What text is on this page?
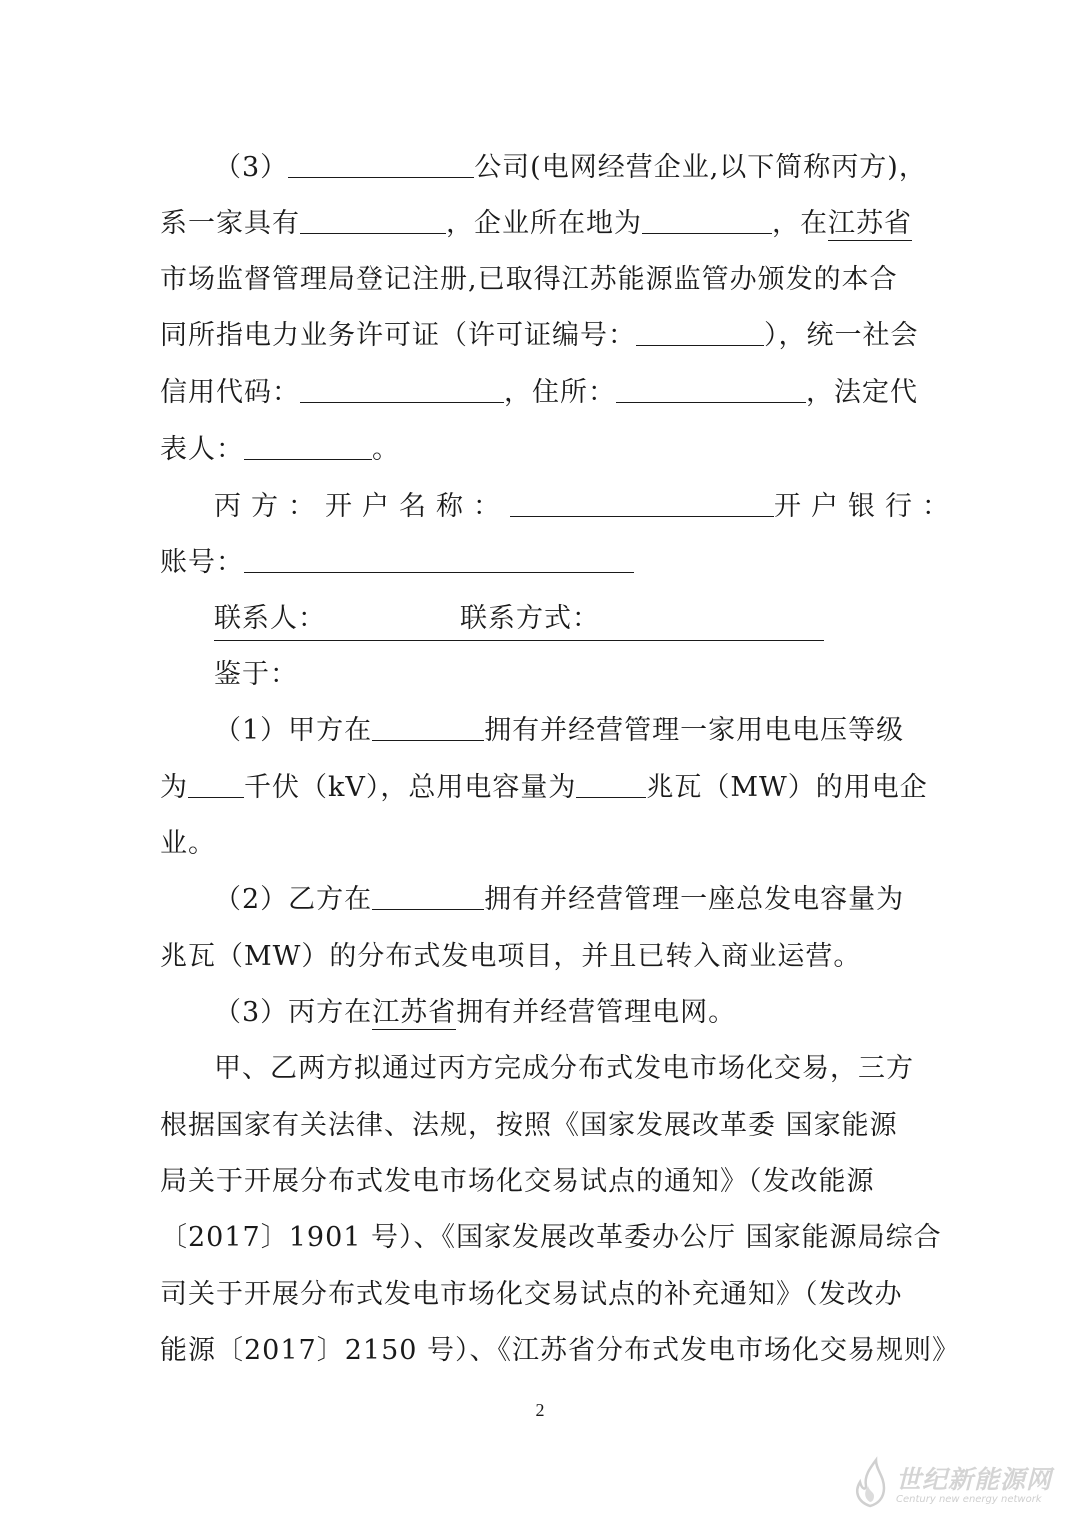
（3）	公司(电网经营企业,以下简称丙方)，
系一家具有	，企业所在地为	，在江苏省
市场监督管理局登记注册,已取得江苏能源监管办颁发的本合
同所指电力业务许可证（许可证编号：	），统一社会
信用代码：	，住所：	，法定代
表人：	。
丙方：开户名称：	开户银行：
账号：
联系人：	联系方式：
鉴于：
（1）甲方在	拥有并经营管理一家用电电压等级
为 千伏（kV），总用电容量为	兆瓦（MW）的用电企
业。
（2）乙方在	拥有并经营管理一座总发电容量为
兆瓦（MW）的分布式发电项目，并且已转入商业运营。
（3）丙方在江苏省拥有并经营管理电网。
甲、乙两方拟通过丙方完成分布式发电市场化交易，三方
根据国家有关法律、法规，按照《国家发展改革委 国家能源
局关于开展分布式发电市场化交易试点的通知》（发改能源
〔2017〕1901 号）、《国家发展改革委办公厅 国家能源局综合
司关于开展分布式发电市场化交易试点的补充通知》（发改办
能源〔2017〕2150 号）、《江苏省分布式发电市场化交易规则》
2
世纪新能源网
Century new energy network
